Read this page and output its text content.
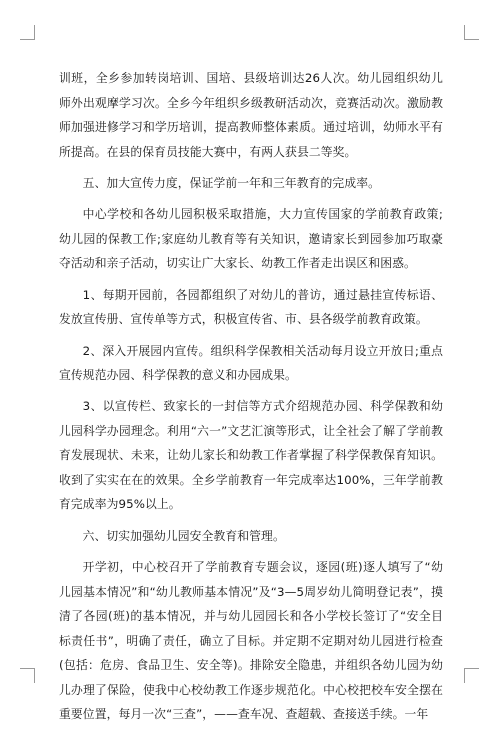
训班，全乡参加转岗培训、国培、县级培训达26人次。幼儿园组织幼儿师外出观摩学习次。全乡今年组织乡级教研活动次，竞赛活动次。激励教师加强进修学习和学历培训，提高教师整体素质。通过培训，幼师水平有所提高。在县的保育员技能大赛中，有两人获县二等奖。

五、加大宣传力度，保证学前一年和三年教育的完成率。

中心学校和各幼儿园积极采取措施，大力宣传国家的学前教育政策;幼儿园的保教工作;家庭幼儿教育等有关知识，邀请家长到园参加巧取豪夺活动和亲子活动，切实让广大家长、幼教工作者走出误区和困惑。

1、每期开园前，各园都组织了对幼儿的普访，通过悬挂宣传标语、发放宣传册、宣传单等方式，积极宣传省、市、县各级学前教育政策。

2、深入开展园内宣传。组织科学保教相关活动每月设立开放日;重点宣传规范办园、科学保教的意义和办园成果。

3、以宣传栏、致家长的一封信等方式介绍规范办园、科学保教和幼儿园科学办园理念。利用“六一”文艺汇演等形式，让全社会了解了学前教育发展现状、未来，让幼儿家长和幼教工作者掌握了科学保教保育知识。收到了实实在在的效果。全乡学前教育一年完成率达100%，三年学前教育完成率为95%以上。

六、切实加强幼儿园安全教育和管理。

开学初，中心校召开了学前教育专题会议，逐园(班)逐人填写了“幼儿园基本情况”和“幼儿教师基本情况”及“3—5周岁幼儿简明登记表”，摸清了各园(班)的基本情况，并与幼儿园园长和各小学校长签订了“安全目标责任书”，明确了责任，确立了目标。并定期不定期对幼儿园进行检查(包括：危房、食品卫生、安全等)。排除安全隐患，并组织各幼儿园为幼儿办理了保险，使我中心校幼教工作逐步规范化。中心校把校车安全摆在重要位置，每月一次“三查”，——查车况、查超载、查接送手续。一年
